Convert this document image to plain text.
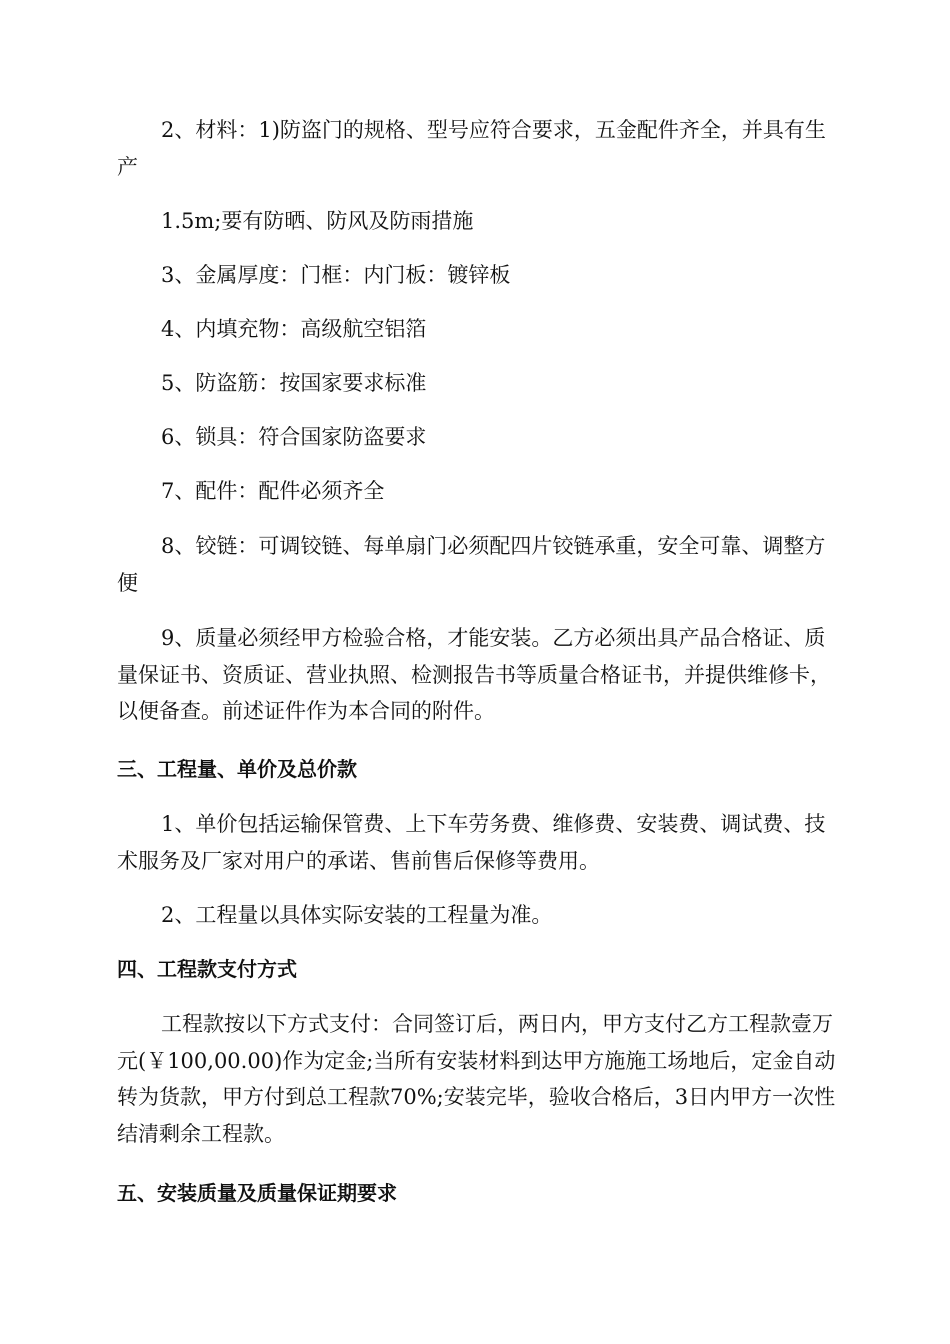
2、材料：1)防盗门的规格、型号应符合要求，五金配件齐全，并具有生产

1.5m;要有防晒、防风及防雨措施

3、金属厚度：门框：内门板：镀锌板

4、内填充物：高级航空铝箔

5、防盗筋：按国家要求标准

6、锁具：符合国家防盗要求

7、配件：配件必须齐全

8、铰链：可调铰链、每单扇门必须配四片铰链承重，安全可靠、调整方便

9、质量必须经甲方检验合格，才能安装。乙方必须出具产品合格证、质量保证书、资质证、营业执照、检测报告书等质量合格证书，并提供维修卡，以便备查。前述证件作为本合同的附件。

三、工程量、单价及总价款

1、单价包括运输保管费、上下车劳务费、维修费、安装费、调试费、技术服务及厂家对用户的承诺、售前售后保修等费用。

2、工程量以具体实际安装的工程量为准。

四、工程款支付方式

工程款按以下方式支付：合同签订后，两日内，甲方支付乙方工程款壹万元(￥100,00.00)作为定金;当所有安装材料到达甲方施施工场地后，定金自动转为货款，甲方付到总工程款70%;安装完毕，验收合格后，3日内甲方一次性结清剩余工程款。

五、安装质量及质量保证期要求
